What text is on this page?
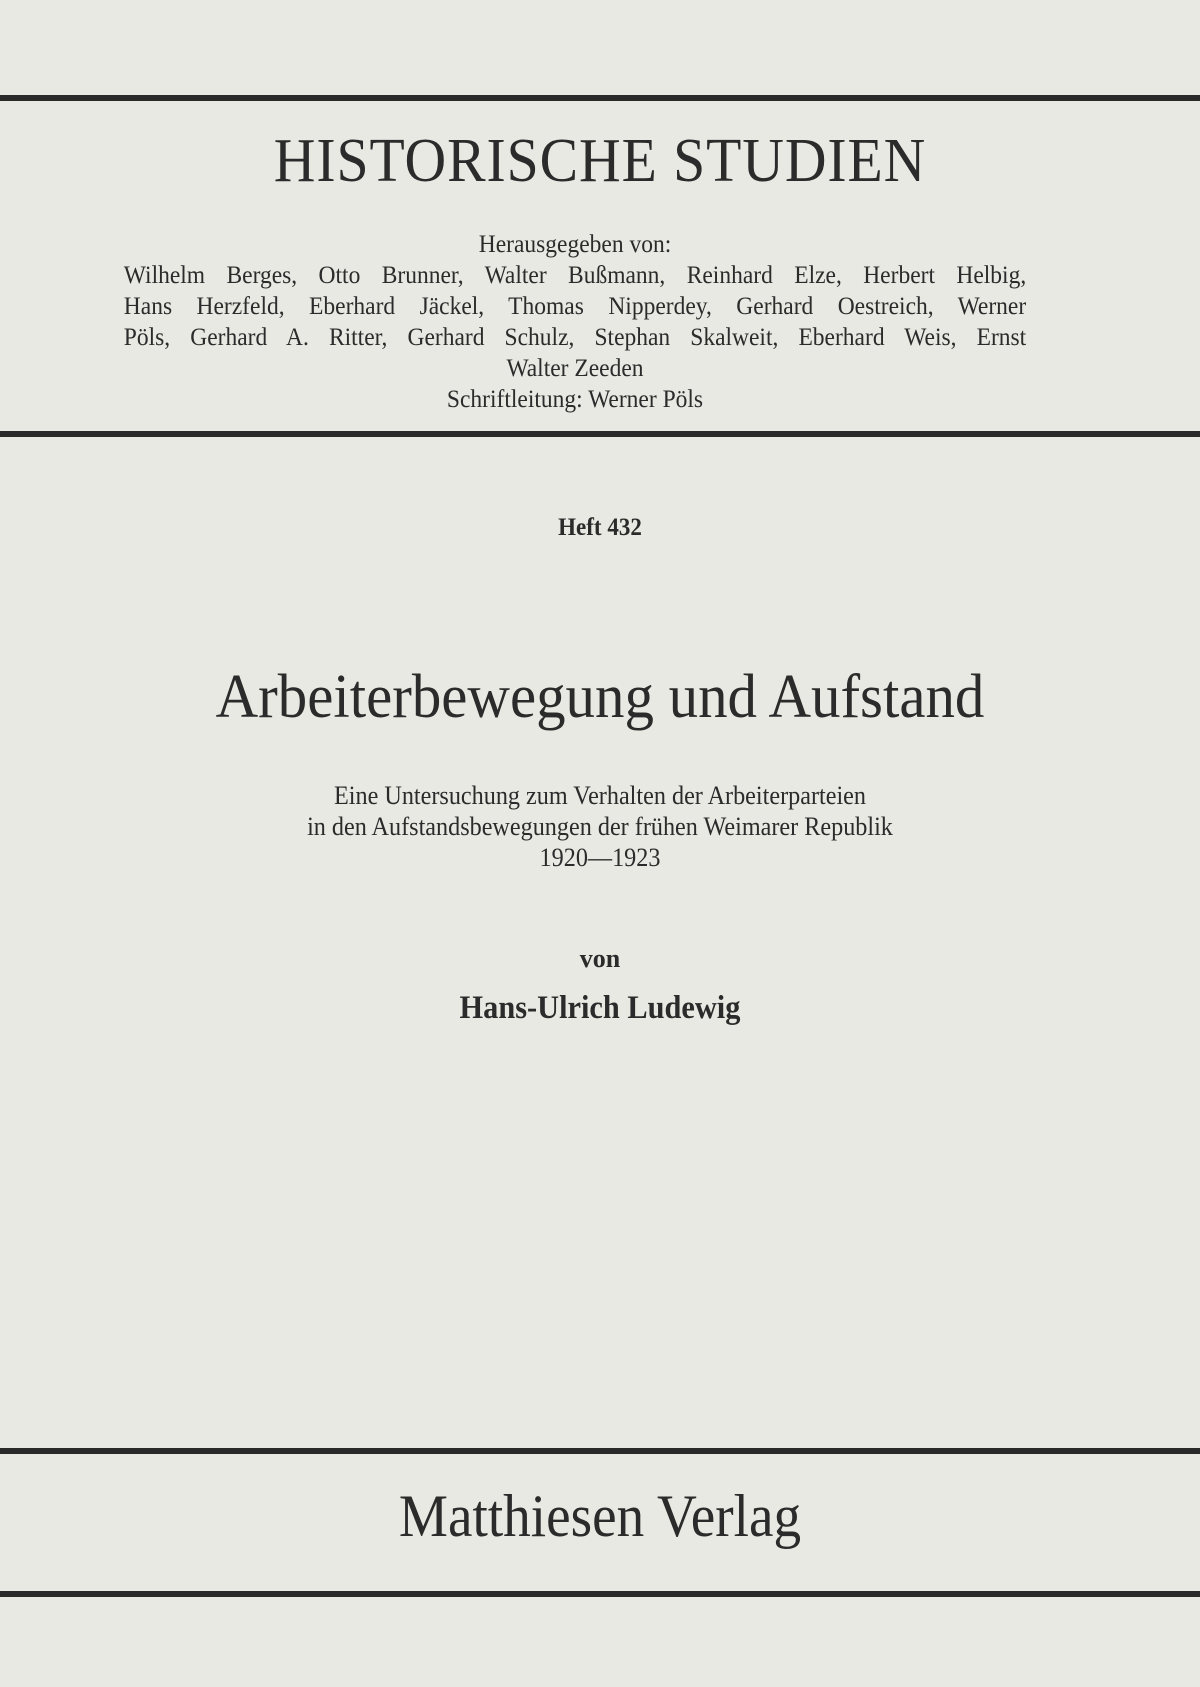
HISTORISCHE STUDIEN
Herausgegeben von:
Wilhelm Berges, Otto Brunner, Walter Bußmann, Reinhard Elze, Herbert Helbig,
Hans Herzfeld, Eberhard Jäckel, Thomas Nipperdey, Gerhard Oestreich, Werner
Pöls, Gerhard A. Ritter, Gerhard Schulz, Stephan Skalweit, Eberhard Weis, Ernst
Walter Zeeden
Schriftleitung: Werner Pöls
Heft 432
Arbeiterbewegung und Aufstand
Eine Untersuchung zum Verhalten der Arbeiterparteien
in den Aufstandsbewegungen der frühen Weimarer Republik
1920—1923
von
Hans-Ulrich Ludewig
Matthiesen Verlag
